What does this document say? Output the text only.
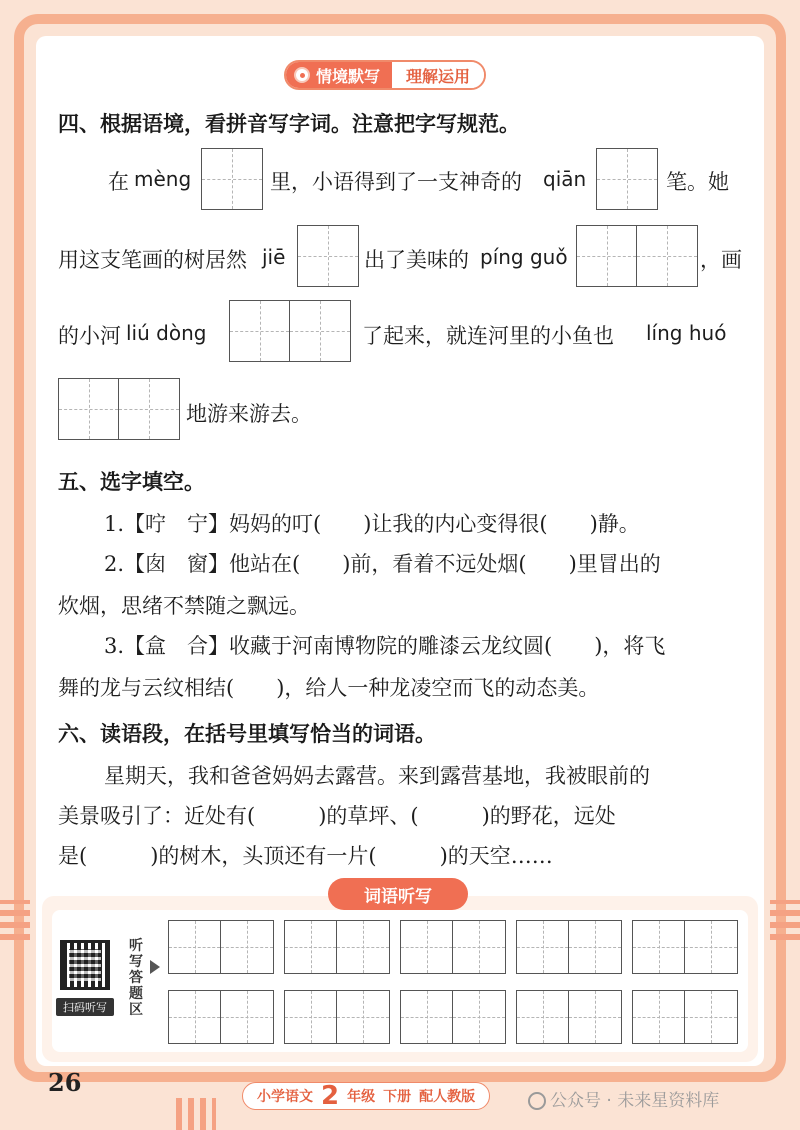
情境默写	理解运用
四、根据语境，看拼音写字词。注意把字写规范。
在 mèng	里，小语得到了一支神奇的 qiān	笔。她
用这支笔画的树居然 jiē	出了美味的 píng guǒ	，画
的小河 liú dòng	了起来，就连河里的小鱼也 líng huó
地游来游去。
五、选字填空。
1.【咛　宁】妈妈的叮(　　)让我的内心变得很(　　)静。
2.【囱　窗】他站在(　　)前，看着不远处烟(　　)里冒出的
炊烟，思绪不禁随之飘远。
3.【盒　合】收藏于河南博物院的雕漆云龙纹圆(　　)，将飞
舞的龙与云纹相结(　　)，给人一种龙凌空而飞的动态美。
六、读语段，在括号里填写恰当的词语。
星期天，我和爸爸妈妈去露营。来到露营基地，我被眼前的
美景吸引了：近处有(　　　)的草坪、(　　　)的野花，远处
是(　　　)的树木，头顶还有一片(　　　)的天空……
词语听写
扫码听写
听写答题区
26	小学语文 2 年级 下册 配人教版	公众号 · 未来星资料库
